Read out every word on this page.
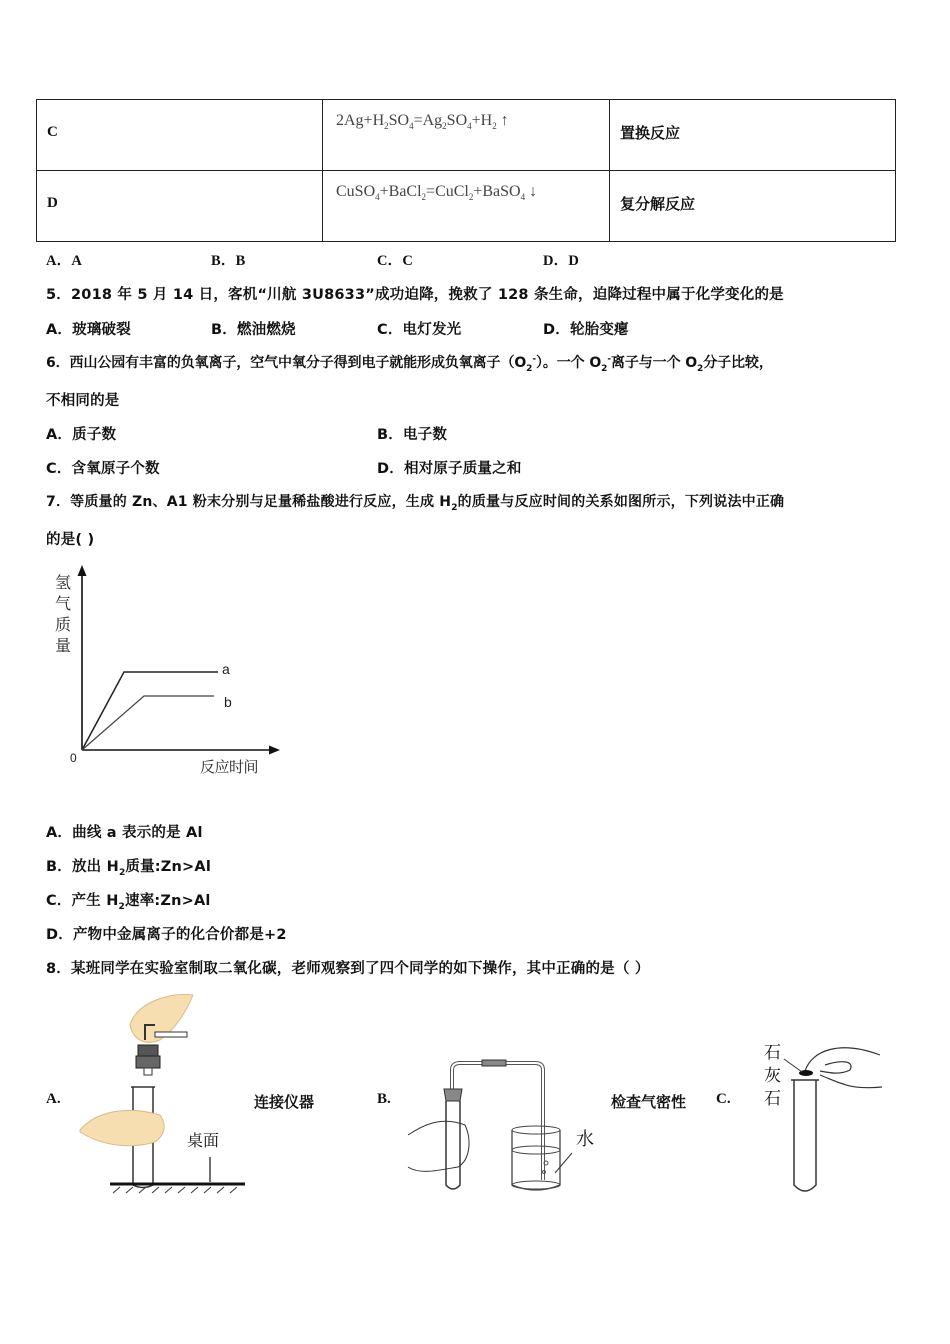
C	$2Ag+H_2SO_4=Ag_2SO_4+H_2$ ↑	置换反应

D	CuSO$_4$+BaCl$_2$=CuCl$_2$+BaSO$_4$ ↓	复分解反应
A．A	B．B	C．C	D．D
5．2018 年 5 月 14 日，客机“川航 3U8633”成功迫降，挽救了 128 条生命，迫降过程中属于化学变化的是
A．玻璃破裂	B．燃油燃烧	C．电灯发光	D．轮胎变瘪
6．西山公园有丰富的负氧离子，空气中氧分子得到电子就能形成负氧离子$(O_2^-)$。一个 $O_2^-$离子与一个 $O_2$分子比较，
不相同的是
A．质子数	B．电子数
C．含氧原子个数	D．相对原子质量之和
7．等质量的 Zn、A1 粉末分别与足量稀盐酸进行反应，生成 $H_2$的质量与反应时间的关系如图所示，下列说法中正确
的是( )
氢气质量
0	反应时间
a
b
A．曲线 a 表示的是 Al
B．放出 $H_2$质量:Zn>Al
C．产生 $H_2$速率:Zn>Al
D．产物中金属离子的化合价都是+2
8．某班同学在实验室制取二氧化碳，老师观察到了四个同学的如下操作，其中正确的是（ ）
A.
桌面
连接仪器	B.
水
检查气密性 C.
石
灰
石
